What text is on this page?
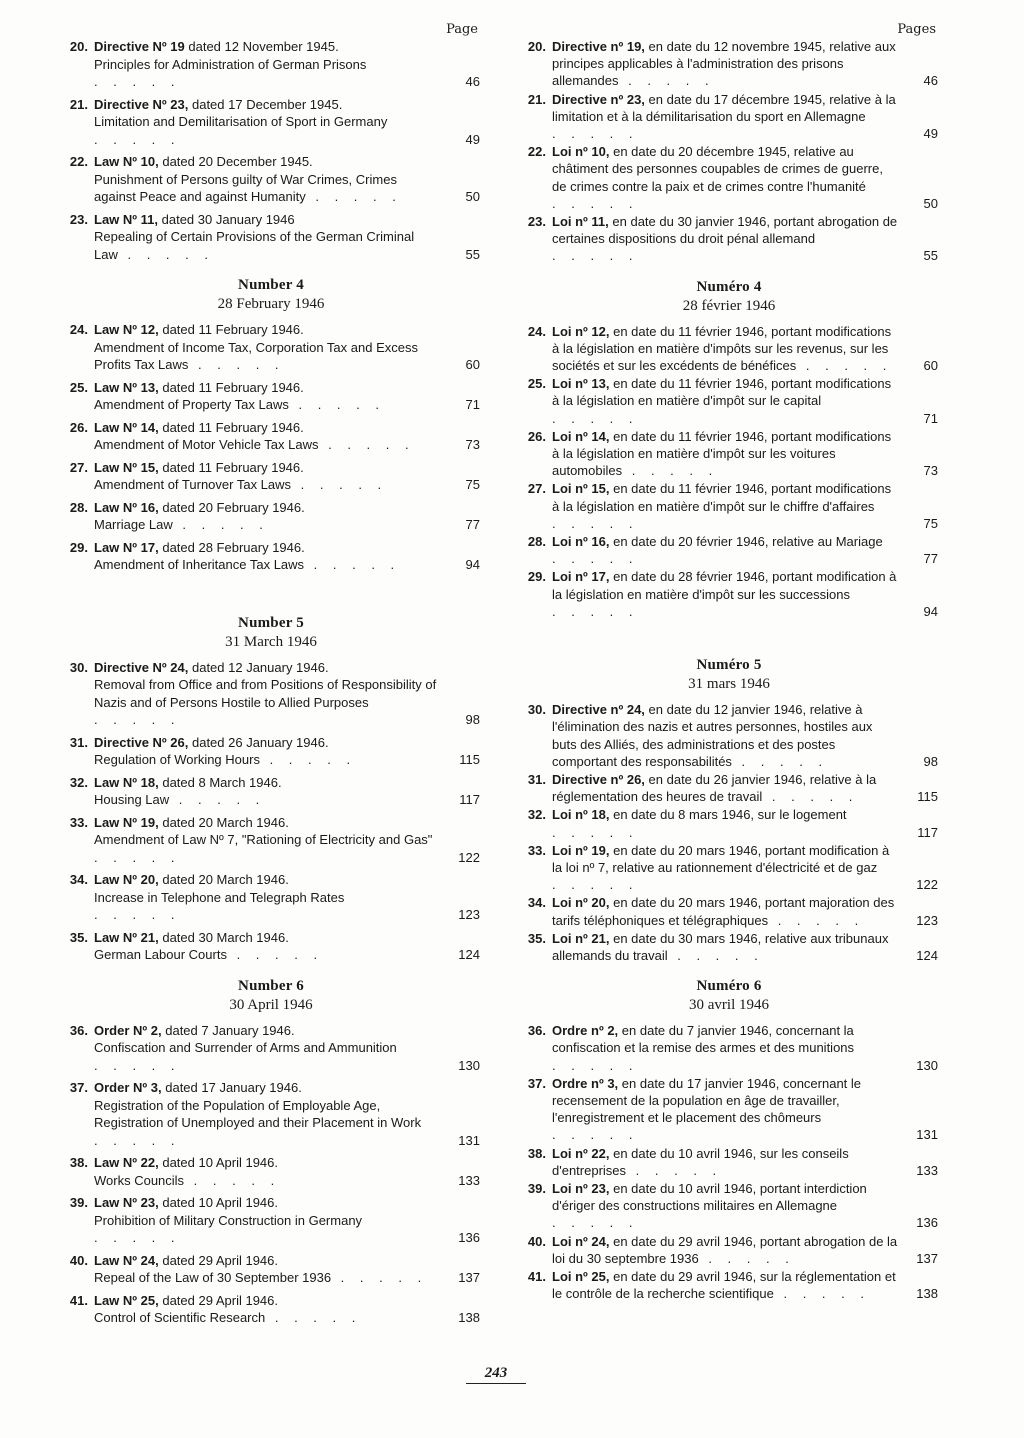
Page
20. Directive Nº 19 dated 12 November 1945.
Principles for Administration of German Prisons . . . . .	46
21. Directive Nº 23, dated 17 December 1945.
Limitation and Demilitarisation of Sport in Germany . . . . .	49
22. Law Nº 10, dated 20 December 1945.
Punishment of Persons guilty of War Crimes, Crimes against Peace and against Humanity . . . . .	50
23. Law Nº 11, dated 30 January 1946
Repealing of Certain Provisions of the German Criminal Law . . . . .	55
Number 4
28 February 1946
24. Law Nº 12, dated 11 February 1946.
Amendment of Income Tax, Corporation Tax and Excess Profits Tax Laws . . . . .	60
25. Law Nº 13, dated 11 February 1946.
Amendment of Property Tax Laws . . . . .	71
26. Law Nº 14, dated 11 February 1946.
Amendment of Motor Vehicle Tax Laws . . . . .	73
27. Law Nº 15, dated 11 February 1946.
Amendment of Turnover Tax Laws . . . . .	75
28. Law Nº 16, dated 20 February 1946.
Marriage Law . . . . .	77
29. Law Nº 17, dated 28 February 1946.
Amendment of Inheritance Tax Laws . . . . .	94
Number 5
31 March 1946
30. Directive Nº 24, dated 12 January 1946.
Removal from Office and from Positions of Responsibility of Nazis and of Persons Hostile to Allied Purposes . . . . .	98
31. Directive Nº 26, dated 26 January 1946.
Regulation of Working Hours . . . . .	115
32. Law Nº 18, dated 8 March 1946.
Housing Law . . . . .	117
33. Law Nº 19, dated 20 March 1946.
Amendment of Law Nº 7, "Rationing of Electricity and Gas" . . . . .	122
34. Law Nº 20, dated 20 March 1946.
Increase in Telephone and Telegraph Rates . . . . .	123
35. Law Nº 21, dated 30 March 1946.
German Labour Courts . . . . .	124
Number 6
30 April 1946
36. Order Nº 2, dated 7 January 1946.
Confiscation and Surrender of Arms and Ammunition . . . . .	130
37. Order Nº 3, dated 17 January 1946.
Registration of the Population of Employable Age, Registration of Unemployed and their Placement in Work . . . . .	131
38. Law Nº 22, dated 10 April 1946.
Works Councils . . . . .	133
39. Law Nº 23, dated 10 April 1946.
Prohibition of Military Construction in Germany . . . . .	136
40. Law Nº 24, dated 29 April 1946.
Repeal of the Law of 30 September 1936 . . . . .	137
41. Law Nº 25, dated 29 April 1946.
Control of Scientific Research . . . . .	138
Pages
20. Directive nº 19, en date du 12 novembre 1945, relative aux principes applicables à l'administration des prisons allemandes . . . . .	46
21. Directive nº 23, en date du 17 décembre 1945, relative à la limitation et à la démilitarisation du sport en Allemagne . . . . .	49
22. Loi nº 10, en date du 20 décembre 1945, relative au châtiment des personnes coupables de crimes de guerre, de crimes contre la paix et de crimes contre l'humanité . . . . .	50
23. Loi nº 11, en date du 30 janvier 1946, portant abrogation de certaines dispositions du droit pénal allemand . . . . .	55
Numéro 4
28 février 1946
24. Loi nº 12, en date du 11 février 1946, portant modifications à la législation en matière d'impôts sur les revenus, sur les sociétés et sur les excédents de bénéfices . . . . .	60
25. Loi nº 13, en date du 11 février 1946, portant modifications à la législation en matière d'impôt sur le capital . . . . .	71
26. Loi nº 14, en date du 11 février 1946, portant modifications à la législation en matière d'impôt sur les voitures automobiles . . . . .	73
27. Loi nº 15, en date du 11 février 1946, portant modifications à la législation en matière d'impôt sur le chiffre d'affaires . . . . .	75
28. Loi nº 16, en date du 20 février 1946, relative au Mariage . . . . .	77
29. Loi nº 17, en date du 28 février 1946, portant modification à la législation en matière d'impôt sur les successions . . . . .	94
Numéro 5
31 mars 1946
30. Directive nº 24, en date du 12 janvier 1946, relative à l'élimination des nazis et autres personnes, hostiles aux buts des Alliés, des administrations et des postes comportant des responsabilités . . . . .	98
31. Directive nº 26, en date du 26 janvier 1946, relative à la réglementation des heures de travail . . . . .	115
32. Loi nº 18, en date du 8 mars 1946, sur le logement . . . . .	117
33. Loi nº 19, en date du 20 mars 1946, portant modification à la loi nº 7, relative au rationnement d'électricité et de gaz . . . . .	122
34. Loi nº 20, en date du 20 mars 1946, portant majoration des tarifs téléphoniques et télégraphiques . . . . .	123
35. Loi nº 21, en date du 30 mars 1946, relative aux tribunaux allemands du travail . . . . .	124
Numéro 6
30 avril 1946
36. Ordre nº 2, en date du 7 janvier 1946, concernant la confiscation et la remise des armes et des munitions . . . . .	130
37. Ordre nº 3, en date du 17 janvier 1946, concernant le recensement de la population en âge de travailler, l'enregistrement et le placement des chômeurs . . . . .	131
38. Loi nº 22, en date du 10 avril 1946, sur les conseils d'entreprises . . . . .	133
39. Loi nº 23, en date du 10 avril 1946, portant interdiction d'ériger des constructions militaires en Allemagne . . . . .	136
40. Loi nº 24, en date du 29 avril 1946, portant abrogation de la loi du 30 septembre 1936 . . . . .	137
41. Loi nº 25, en date du 29 avril 1946, sur la réglementation et le contrôle de la recherche scientifique . . . . .	138
243
